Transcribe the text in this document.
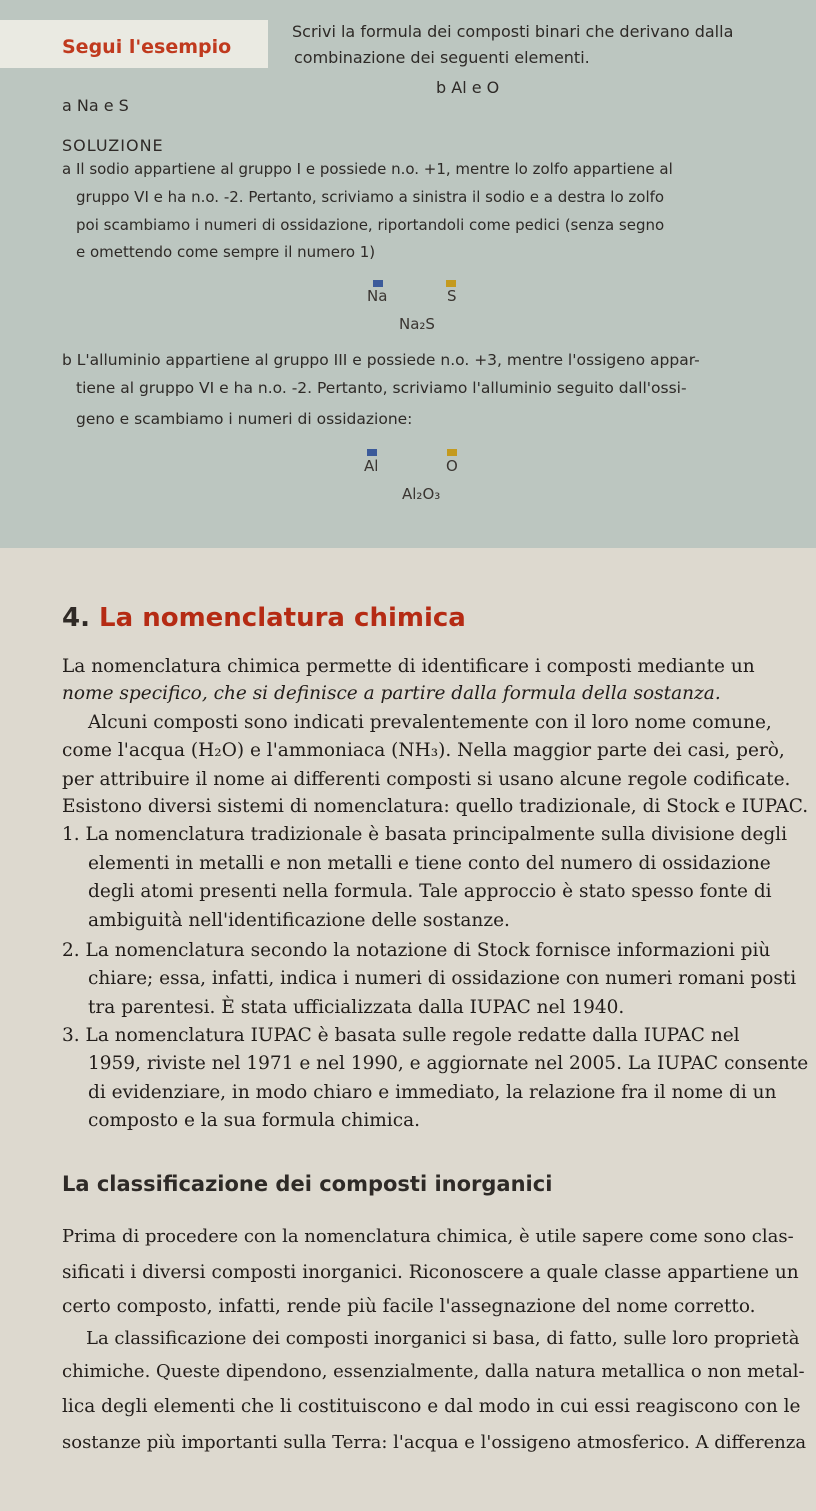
Segui l'esempio
Scrivi la formula dei composti binari che derivano dalla
combinazione dei seguenti elementi.
b Al e O
a Na e S
SOLUZIONE
a Il sodio appartiene al gruppo I e possiede n.o. +1, mentre lo zolfo appartiene al
gruppo VI e ha n.o. -2. Pertanto, scriviamo a sinistra il sodio e a destra lo zolfo
poi scambiamo i numeri di ossidazione, riportandoli come pedici (senza segno
e omettendo come sempre il numero 1)
Na	S
Na₂S
b L'alluminio appartiene al gruppo III e possiede n.o. +3, mentre l'ossigeno appar-
tiene al gruppo VI e ha n.o. -2. Pertanto, scriviamo l'alluminio seguito dall'ossi-
geno e scambiamo i numeri di ossidazione:
Al	O
Al₂O₃
4. La nomenclatura chimica
La nomenclatura chimica permette di identificare i composti mediante un
nome specifico, che si definisce a partire dalla formula della sostanza.
Alcuni composti sono indicati prevalentemente con il loro nome comune,
come l'acqua (H₂O) e l'ammoniaca (NH₃). Nella maggior parte dei casi, però,
per attribuire il nome ai differenti composti si usano alcune regole codificate.
Esistono diversi sistemi di nomenclatura: quello tradizionale, di Stock e IUPAC.
1. La nomenclatura tradizionale è basata principalmente sulla divisione degli
elementi in metalli e non metalli e tiene conto del numero di ossidazione
degli atomi presenti nella formula. Tale approccio è stato spesso fonte di
ambiguità nell'identificazione delle sostanze.
2. La nomenclatura secondo la notazione di Stock fornisce informazioni più
chiare; essa, infatti, indica i numeri di ossidazione con numeri romani posti
tra parentesi. È stata ufficializzata dalla IUPAC nel 1940.
3. La nomenclatura IUPAC è basata sulle regole redatte dalla IUPAC nel
1959, riviste nel 1971 e nel 1990, e aggiornate nel 2005. La IUPAC consente
di evidenziare, in modo chiaro e immediato, la relazione fra il nome di un
composto e la sua formula chimica.
La classificazione dei composti inorganici
Prima di procedere con la nomenclatura chimica, è utile sapere come sono clas-
sificati i diversi composti inorganici. Riconoscere a quale classe appartiene un
certo composto, infatti, rende più facile l'assegnazione del nome corretto.
La classificazione dei composti inorganici si basa, di fatto, sulle loro proprietà
chimiche. Queste dipendono, essenzialmente, dalla natura metallica o non metal-
lica degli elementi che li costituiscono e dal modo in cui essi reagiscono con le
sostanze più importanti sulla Terra: l'acqua e l'ossigeno atmosferico. A differenza
